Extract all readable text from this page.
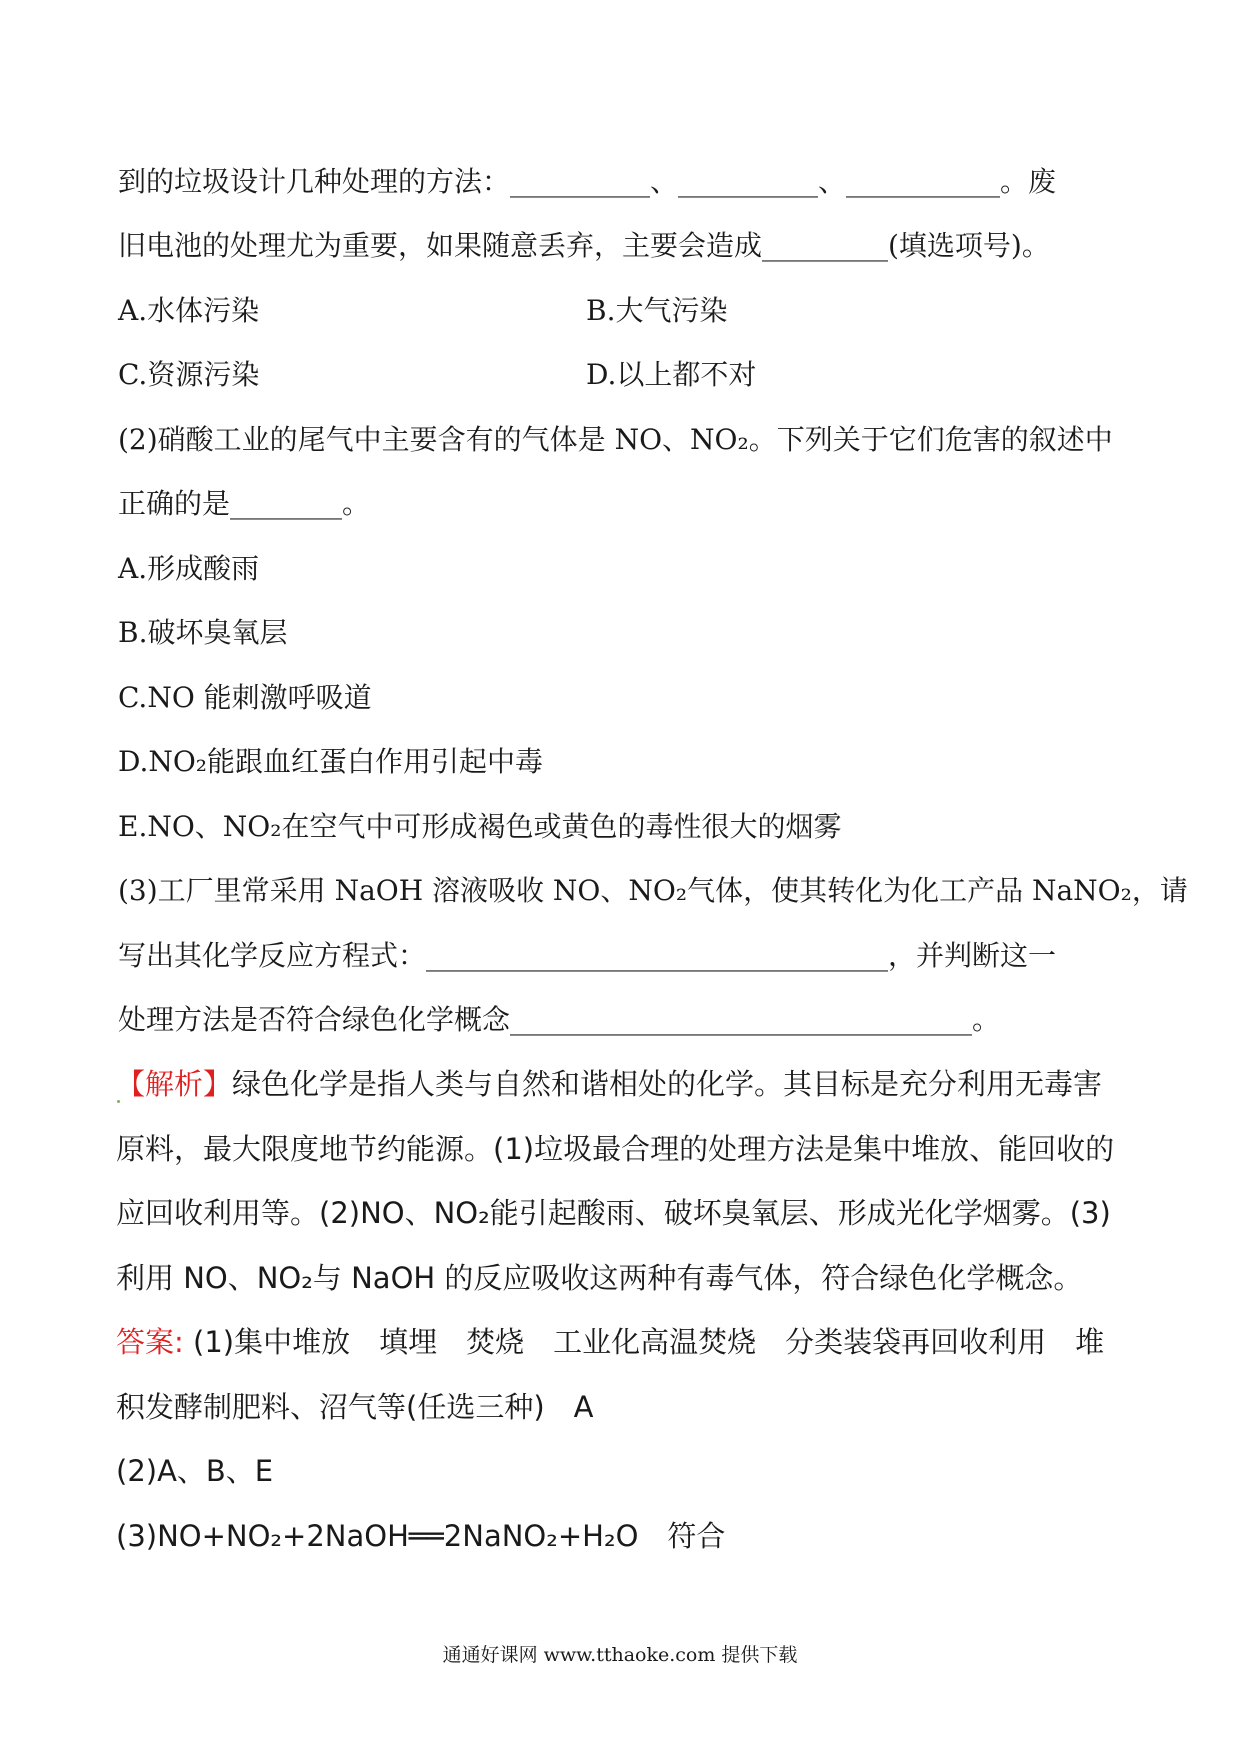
到的垃圾设计几种处理的方法：__________、__________、___________。废
旧电池的处理尤为重要，如果随意丢弃，主要会造成_________(填选项号)。
A.水体污染	B.大气污染
C.资源污染	D.以上都不对
(2)硝酸工业的尾气中主要含有的气体是 NO、NO₂。下列关于它们危害的叙述中
正确的是________。
A.形成酸雨
B.破坏臭氧层
C.NO 能刺激呼吸道
D.NO₂能跟血红蛋白作用引起中毒
E.NO、NO₂在空气中可形成褐色或黄色的毒性很大的烟雾
(3)工厂里常采用 NaOH 溶液吸收 NO、NO₂气体，使其转化为化工产品 NaNO₂，请
写出其化学反应方程式：_________________________________，并判断这一
处理方法是否符合绿色化学概念_________________________________。
【解析】绿色化学是指人类与自然和谐相处的化学。其目标是充分利用无毒害
原料，最大限度地节约能源。(1)垃圾最合理的处理方法是集中堆放、能回收的
应回收利用等。(2)NO、NO₂能引起酸雨、破坏臭氧层、形成光化学烟雾。(3)
利用 NO、NO₂与 NaOH 的反应吸收这两种有毒气体，符合绿色化学概念。
答案: (1)集中堆放　填埋　焚烧　工业化高温焚烧　分类装袋再回收利用　堆
积发酵制肥料、沼气等(任选三种)　A
(2)A、B、E
(3)NO+NO₂+2NaOH══2NaNO₂+H₂O　符合
通通好课网 www.tthaoke.com 提供下载
